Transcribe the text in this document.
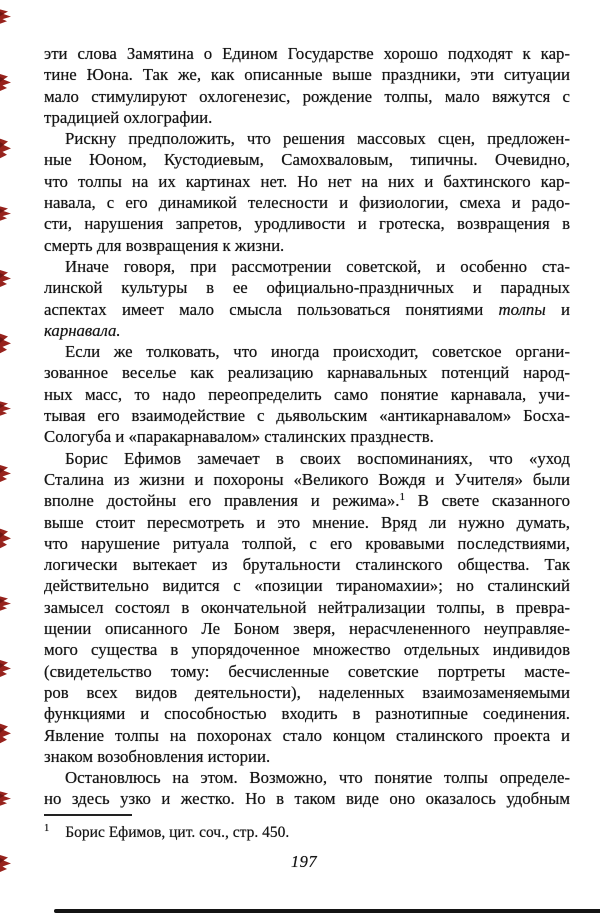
эти слова Замятина о Едином Государстве хорошо подходят к кар-
тине Юона. Так же, как описанные выше праздники, эти ситуации
мало стимулируют охлогенезис, рождение толпы, мало вяжутся с
традицией охлографии.
Рискну предположить, что решения массовых сцен, предложен-
ные Юоном, Кустодиевым, Самохваловым, типичны. Очевидно,
что толпы на их картинах нет. Но нет на них и бахтинского кар-
навала, с его динамикой телесности и физиологии, смеха и радо-
сти, нарушения запретов, уродливости и гротеска, возвращения в
смерть для возвращения к жизни.
Иначе говоря, при рассмотрении советской, и особенно ста-
линской культуры в ее официально-праздничных и парадных
аспектах имеет мало смысла пользоваться понятиями толпы и
карнавала.
Если же толковать, что иногда происходит, советское органи-
зованное веселье как реализацию карнавальных потенций народ-
ных масс, то надо переопределить само понятие карнавала, учи-
тывая его взаимодействие с дьявольским «антикарнавалом» Босха-
Сологуба и «паракарнавалом» сталинских празднеств.
Борис Ефимов замечает в своих воспоминаниях, что «уход
Сталина из жизни и похороны «Великого Вождя и Учителя» были
вполне достойны его правления и режима».$^1$ В свете сказанного
выше стоит пересмотреть и это мнение. Вряд ли нужно думать,
что нарушение ритуала толпой, с его кровавыми последствиями,
логически вытекает из брутальности сталинского общества. Так
действительно видится с «позиции тираномахии»; но сталинский
замысел состоял в окончательной нейтрализации толпы, в превра-
щении описанного Ле Боном зверя, нерасчлененного неуправляе-
мого существа в упорядоченное множество отдельных индивидов
(свидетельство тому: бесчисленные советские портреты масте-
ров всех видов деятельности), наделенных взаимозаменяемыми
функциями и способностью входить в разнотипные соединения.
Явление толпы на похоронах стало концом сталинского проекта и
знаком возобновления истории.
Остановлюсь на этом. Возможно, что понятие толпы определе-
но здесь узко и жестко. Но в таком виде оно оказалось удобным
$^1$ Борис Ефимов, цит. соч., стр. 450.
197
